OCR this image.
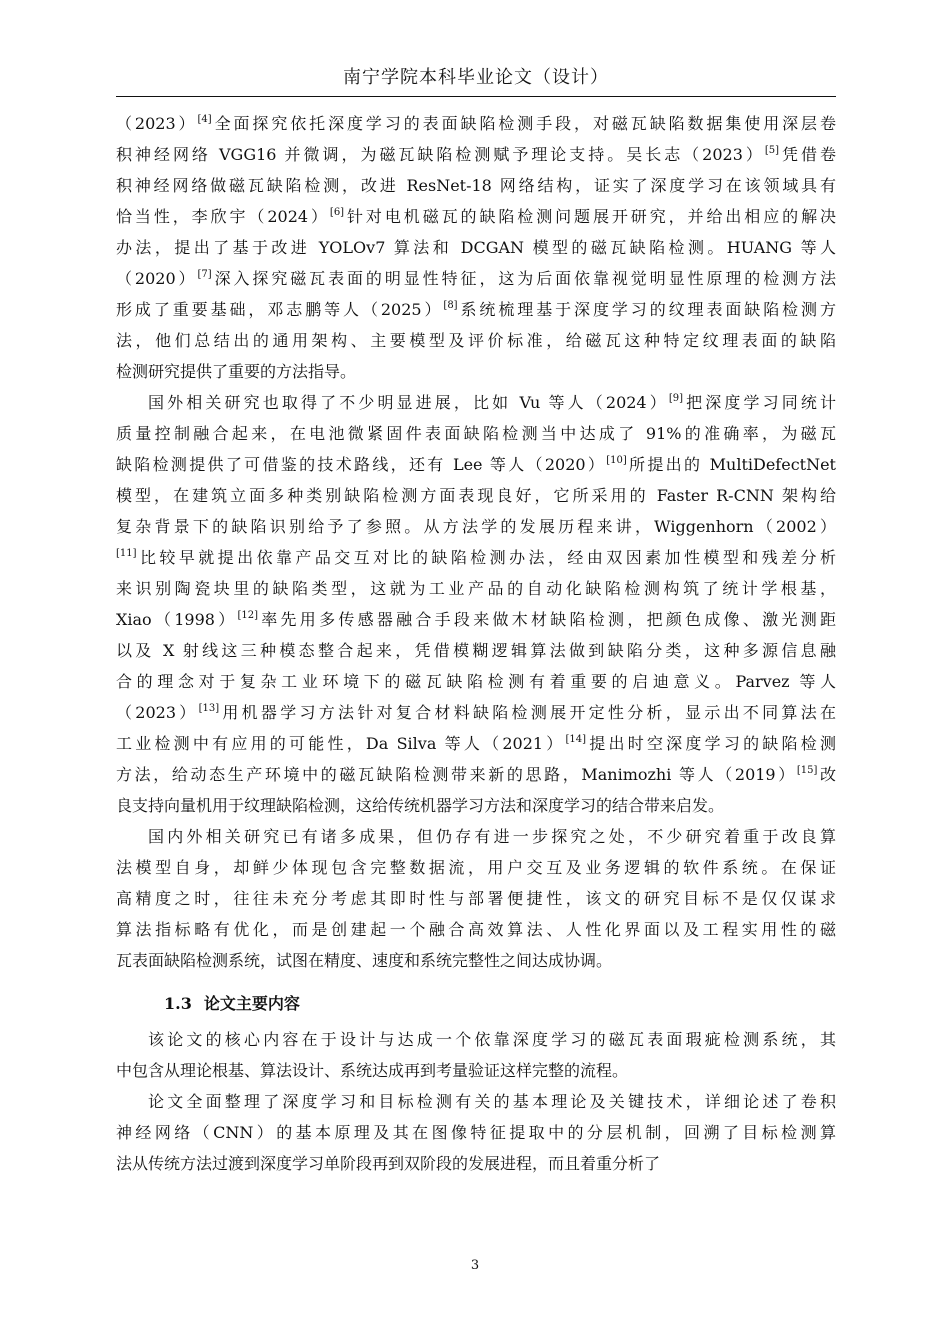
南宁学院本科毕业论文（设计）
（2023）[4]全面探究依托深度学习的表面缺陷检测手段，对磁瓦缺陷数据集使用深层卷
积神经网络 VGG16 并微调，为磁瓦缺陷检测赋予理论支持。吴长志（2023）[5]凭借卷
积神经网络做磁瓦缺陷检测，改进 ResNet-18 网络结构，证实了深度学习在该领域具有
恰当性，李欣宇（2024）[6]针对电机磁瓦的缺陷检测问题展开研究，并给出相应的解决
办法，提出了基于改进 YOLOv7 算法和 DCGAN 模型的磁瓦缺陷检测。HUANG 等人
（2020）[7]深入探究磁瓦表面的明显性特征，这为后面依靠视觉明显性原理的检测方法
形成了重要基础，邓志鹏等人（2025）[8]系统梳理基于深度学习的纹理表面缺陷检测方
法，他们总结出的通用架构、主要模型及评价标准，给磁瓦这种特定纹理表面的缺陷
检测研究提供了重要的方法指导。
国外相关研究也取得了不少明显进展，比如 Vu 等人（2024）[9]把深度学习同统计
质量控制融合起来，在电池微紧固件表面缺陷检测当中达成了 91%的准确率，为磁瓦
缺陷检测提供了可借鉴的技术路线，还有 Lee 等人（2020）[10]所提出的 MultiDefectNet
模型，在建筑立面多种类别缺陷检测方面表现良好，它所采用的 Faster R-CNN 架构给
复杂背景下的缺陷识别给予了参照。从方法学的发展历程来讲，Wiggenhorn（2002）
[11]比较早就提出依靠产品交互对比的缺陷检测办法，经由双因素加性模型和残差分析
来识别陶瓷块里的缺陷类型，这就为工业产品的自动化缺陷检测构筑了统计学根基，
Xiao（1998）[12]率先用多传感器融合手段来做木材缺陷检测，把颜色成像、激光测距
以及 X 射线这三种模态整合起来，凭借模糊逻辑算法做到缺陷分类，这种多源信息融
合的理念对于复杂工业环境下的磁瓦缺陷检测有着重要的启迪意义。Parvez 等人
（2023）[13]用机器学习方法针对复合材料缺陷检测展开定性分析，显示出不同算法在
工业检测中有应用的可能性，Da Silva 等人（2021）[14]提出时空深度学习的缺陷检测
方法，给动态生产环境中的磁瓦缺陷检测带来新的思路，Manimozhi 等人（2019）[15]改
良支持向量机用于纹理缺陷检测，这给传统机器学习方法和深度学习的结合带来启发。
国内外相关研究已有诸多成果，但仍存有进一步探究之处，不少研究着重于改良算
法模型自身，却鲜少体现包含完整数据流，用户交互及业务逻辑的软件系统。在保证
高精度之时，往往未充分考虑其即时性与部署便捷性，该文的研究目标不是仅仅谋求
算法指标略有优化，而是创建起一个融合高效算法、人性化界面以及工程实用性的磁
瓦表面缺陷检测系统，试图在精度、速度和系统完整性之间达成协调。
1.3 论文主要内容
该论文的核心内容在于设计与达成一个依靠深度学习的磁瓦表面瑕疵检测系统，其
中包含从理论根基、算法设计、系统达成再到考量验证这样完整的流程。
论文全面整理了深度学习和目标检测有关的基本理论及关键技术，详细论述了卷积
神经网络（CNN）的基本原理及其在图像特征提取中的分层机制，回溯了目标检测算
法从传统方法过渡到深度学习单阶段再到双阶段的发展进程，而且着重分析了
3
